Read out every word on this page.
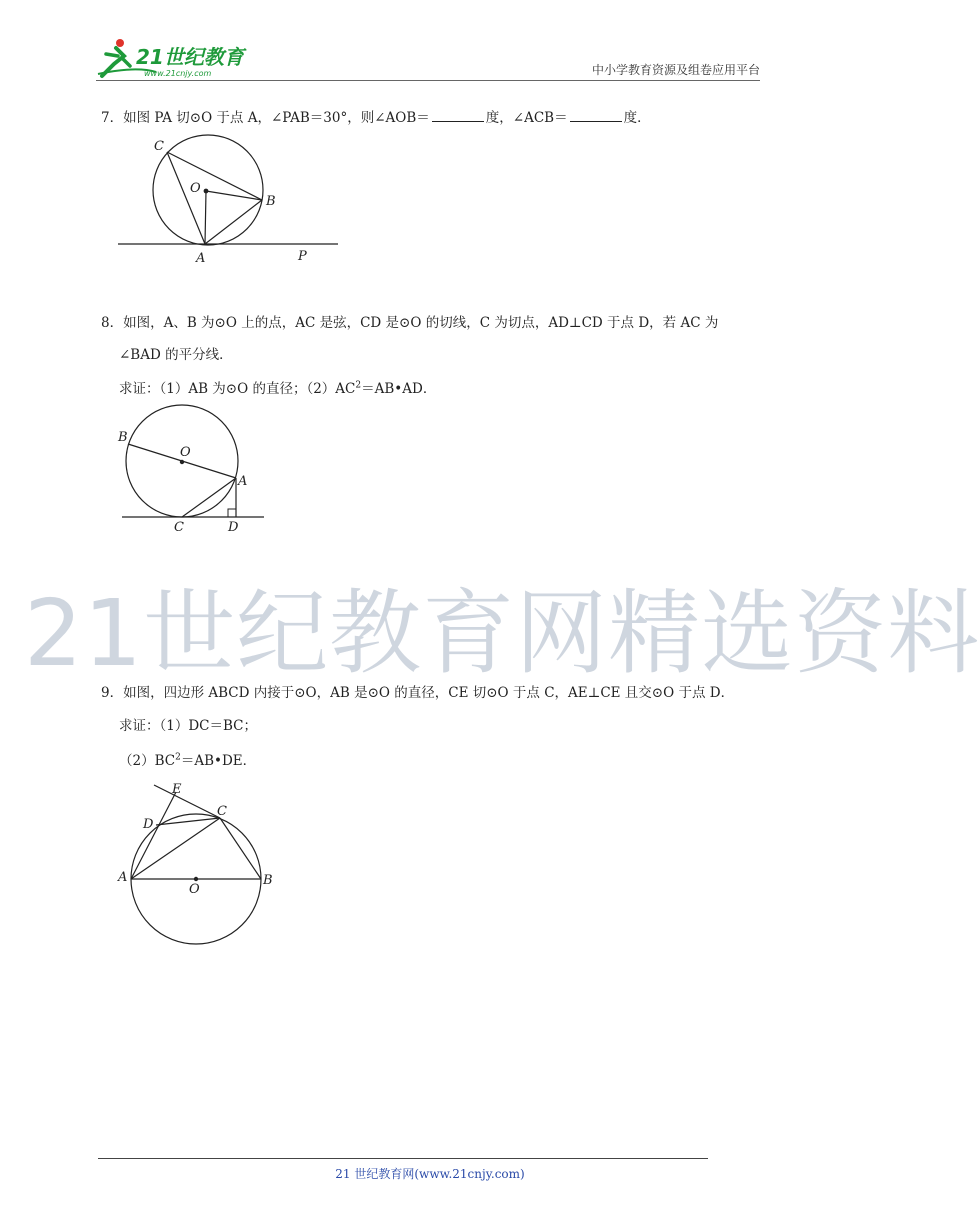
21世纪教育
www.21cnjy.com	中小学教育资源及组卷应用平台
7．如图 PA 切⊙O 于点 A，∠PAB＝30°，则∠AOB＝	度，∠ACB＝	度．
C
O
B
A	P
8．如图，A、B 为⊙O 上的点，AC 是弦，CD 是⊙O 的切线，C 为切点，AD⊥CD 于点 D，若 AC 为
∠BAD 的平分线．
求证：（1）AB 为⊙O 的直径；$(2)AC^2=AB•AD$．
B
O
A
C	D
21世纪教育网精选资料
9．如图，四边形 ABCD 内接于⊙O，AB 是⊙O 的直径，CE 切⊙O 于点 C，AE⊥CE 且交⊙O 于点 D．
求证：（1）DC＝BC；
$(2)BC^2=AB•DE$．
E
C
D
A
O
B
21 世纪教育网(www.21cnjy.com)
